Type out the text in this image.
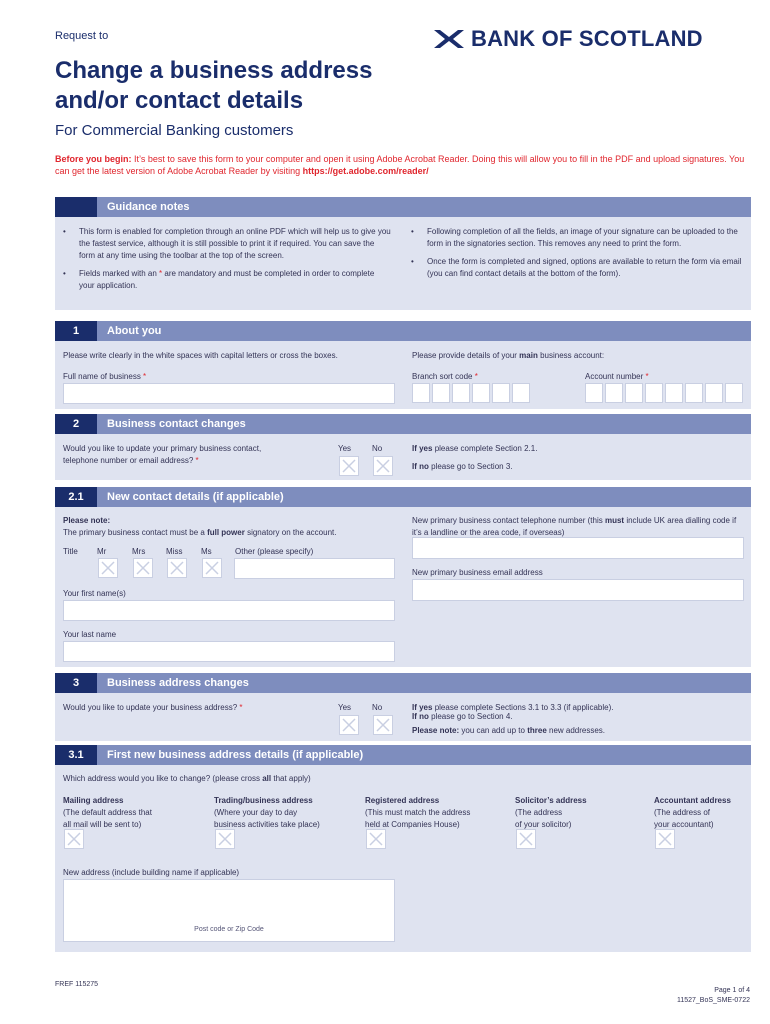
Request to	BANK OF SCOTLAND
Change a business address
and/or contact details
For Commercial Banking customers
Before you begin: It’s best to save this form to your computer and open it using Adobe Acrobat Reader. Doing this will allow you to fill in the PDF and upload signatures. You can get the latest version of Adobe Acrobat Reader by visiting https://get.adobe.com/reader/
Guidance notes
• This form is enabled for completion through an online PDF which will help us to give you the fastest service, although it is still possible to print it if required. You can save the form at any time using the toolbar at the top of the screen.
• Fields marked with an * are mandatory and must be completed in order to complete your application.
• Following completion of all the fields, an image of your signature can be uploaded to the form in the signatories section. This removes any need to print the form.
• Once the form is completed and signed, options are available to return the form via email (you can find contact details at the bottom of the form).
1	About you
Please write clearly in the white spaces with capital letters or cross the boxes.
Full name of business *
Please provide details of your main business account:
Branch sort code *	Account number *
2	Business contact changes
Would you like to update your primary business contact, telephone number or email address? *
Yes	No	If yes please complete Section 2.1.
If no please go to Section 3.
2.1	New contact details (if applicable)
Please note:
The primary business contact must be a full power signatory on the account.
Title Mr	Mrs	Miss Ms	Other (please specify)
Your first name(s)
Your last name
New primary business contact telephone number (this must include UK area dialling code if it’s a landline or the area code, if overseas)
New primary business email address
3	Business address changes
Would you like to update your business address? *	Yes	No	If yes please complete Sections 3.1 to 3.3 (if applicable).
If no please go to Section 4.
Please note: you can add up to three new addresses.
3.1	First new business address details (if applicable)
Which address would you like to change? (please cross all that apply)
Mailing address
(The default address that
all mail will be sent to)
Trading/business address
(Where your day to day
business activities take place)
Registered address
(This must match the address
held at Companies House)
Solicitor’s address
(The address
of your solicitor)
Accountant address
(The address of
your accountant)
New address (include building name if applicable)
Post code or Zip Code
FREF 115275
Page 1 of 4
11527_BoS_SME-0722
